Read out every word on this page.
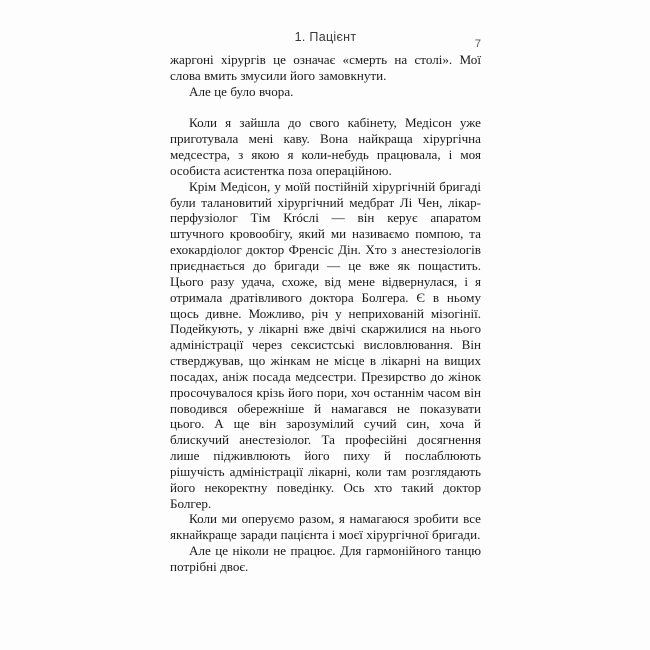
1. Пацієнт	7

жаргоні хірургів це означає «смерть на столі». Мої слова вмить змусили його замовкнути.

Але це було вчора.

Коли я зайшла до свого кабінету, Медісон уже приготувала мені каву. Вона найкраща хірургічна медсестра, з якою я коли-небудь працювала, і моя особиста асистентка поза операційною.

Крім Медісон, у моїй постійній хірургічній бригаді були талановитий хірургічний медбрат Лі Чен, лікар-перфузіолог Тім Кróслі — він керує апаратом штучного кровообігу, який ми називаємо помпою, та ехокардіолог доктор Френсіс Дін. Хто з анестезіологів приєднається до бригади — це вже як пощастить. Цього разу удача, схоже, від мене відвернулася, і я отримала дратівливого доктора Болгера. Є в ньому щось дивне. Можливо, річ у неприхованій мізогінії. Подейкують, у лікарні вже двічі скаржилися на нього адміністрації через сексистські висловлювання. Він стверджував, що жінкам не місце в лікарні на вищих посадах, аніж посада медсестри. Презирство до жінок просочувалося крізь його пори, хоч останнім часом він поводився обережніше й намагався не показувати цього. А ще він зарозумілий сучий син, хоча й блискучий анестезіолог. Та професійні досягнення лише підживлюють його пиху й послаблюють рішучість адміністрації лікарні, коли там розглядають його некоректну поведінку. Ось хто такий доктор Болгер.

Коли ми оперуємо разом, я намагаюся зробити все якнайкраще заради пацієнта і моєї хірургічної бригади.

Але це ніколи не працює. Для гармонійного танцю потрібні двоє.
